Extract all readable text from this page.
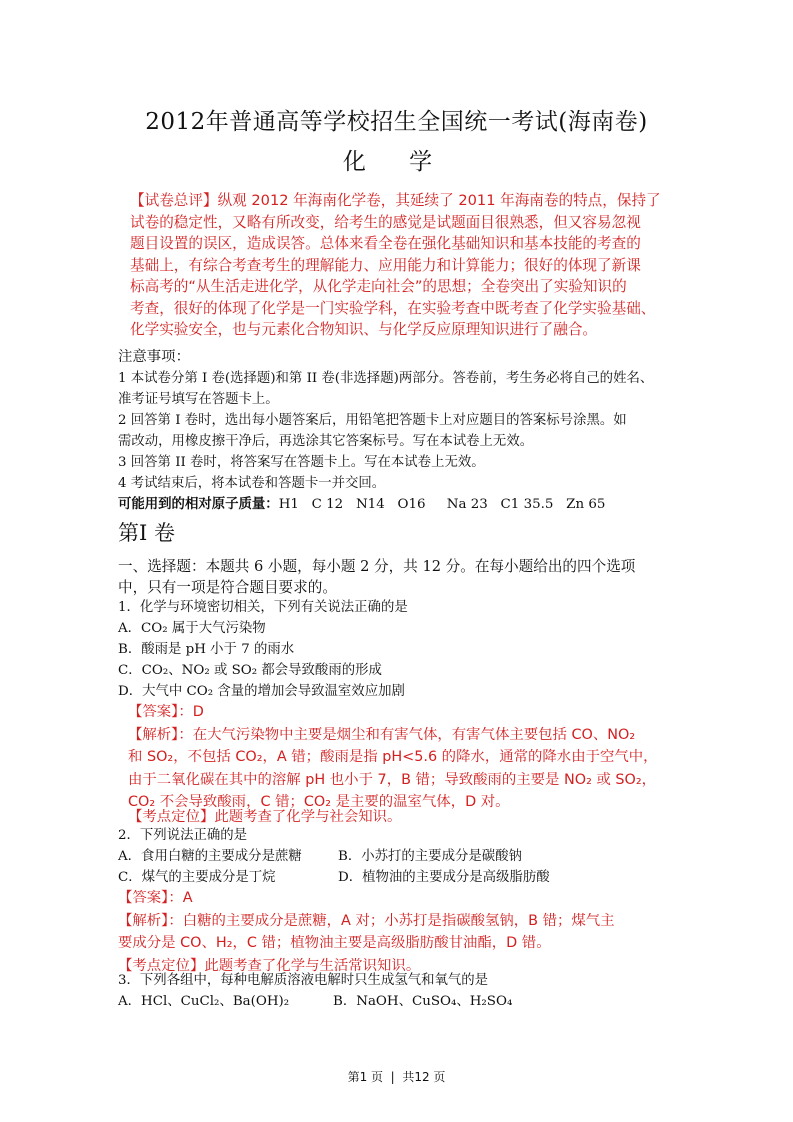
2012年普通高等学校招生全国统一考试(海南卷)
化 学
【试卷总评】纵观 2012 年海南化学卷，其延续了 2011 年海南卷的特点，保持了
试卷的稳定性，又略有所改变，给考生的感觉是试题面目很熟悉，但又容易忽视
题目设置的误区，造成误答。总体来看全卷在强化基础知识和基本技能的考查的
基础上，有综合考查考生的理解能力、应用能力和计算能力；很好的体现了新课
标高考的“从生活走进化学，从化学走向社会”的思想；全卷突出了实验知识的
考查，很好的体现了化学是一门实验学科，在实验考查中既考查了化学实验基础、
化学实验安全，也与元素化合物知识、与化学反应原理知识进行了融合。
注意事项：
1 本试卷分第 I 卷(选择题)和第 II 卷(非选择题)两部分。答卷前，考生务必将自己的姓名、
准考证号填写在答题卡上。
2 回答第 I 卷时，选出每小题答案后，用铅笔把答题卡上对应题目的答案标号涂黑。如
需改动，用橡皮擦干净后，再选涂其它答案标号。写在本试卷上无效。
3 回答第 II 卷时，将答案写在答题卡上。写在本试卷上无效。
4 考试结束后，将本试卷和答题卡一并交回。
可能用到的相对原子质量：H1   C 12   N14   O16     Na 23   C1 35.5   Zn 65
第I 卷
一、选择题：本题共 6 小题，每小题 2 分，共 12 分。在每小题给出的四个选项
中，只有一项是符合题目要求的。
1．化学与环境密切相关，下列有关说法正确的是
A．CO₂ 属于大气污染物
B．酸雨是 pH 小于 7 的雨水
C．CO₂、NO₂ 或 SO₂ 都会导致酸雨的形成
D．大气中 CO₂ 含量的增加会导致温室效应加剧
【答案】：D
【解析】：在大气污染物中主要是烟尘和有害气体，有害气体主要包括 CO、NO₂
和 SO₂，不包括 CO₂，A 错；酸雨是指 pH<5.6 的降水，通常的降水由于空气中，
由于二氧化碳在其中的溶解 pH 也小于 7，B 错；导致酸雨的主要是 NO₂ 或 SO₂，
CO₂ 不会导致酸雨，C 错；CO₂ 是主要的温室气体，D 对。
【考点定位】此题考查了化学与社会知识。
2．下列说法正确的是
A．食用白糖的主要成分是蔗糖	B．小苏打的主要成分是碳酸钠
C．煤气的主要成分是丁烷	D．植物油的主要成分是高级脂肪酸
【答案】：A
【解析】：白糖的主要成分是蔗糖，A 对；小苏打是指碳酸氢钠，B 错；煤气主
要成分是 CO、H₂，C 错；植物油主要是高级脂肪酸甘油酯，D 错。
【考点定位】此题考查了化学与生活常识知识。
3．下列各组中，每种电解质溶液电解时只生成氢气和氧气的是
A．HCl、CuCl₂、Ba(OH)₂	B．NaOH、CuSO₄、H₂SO₄
第1 页  |  共12 页
